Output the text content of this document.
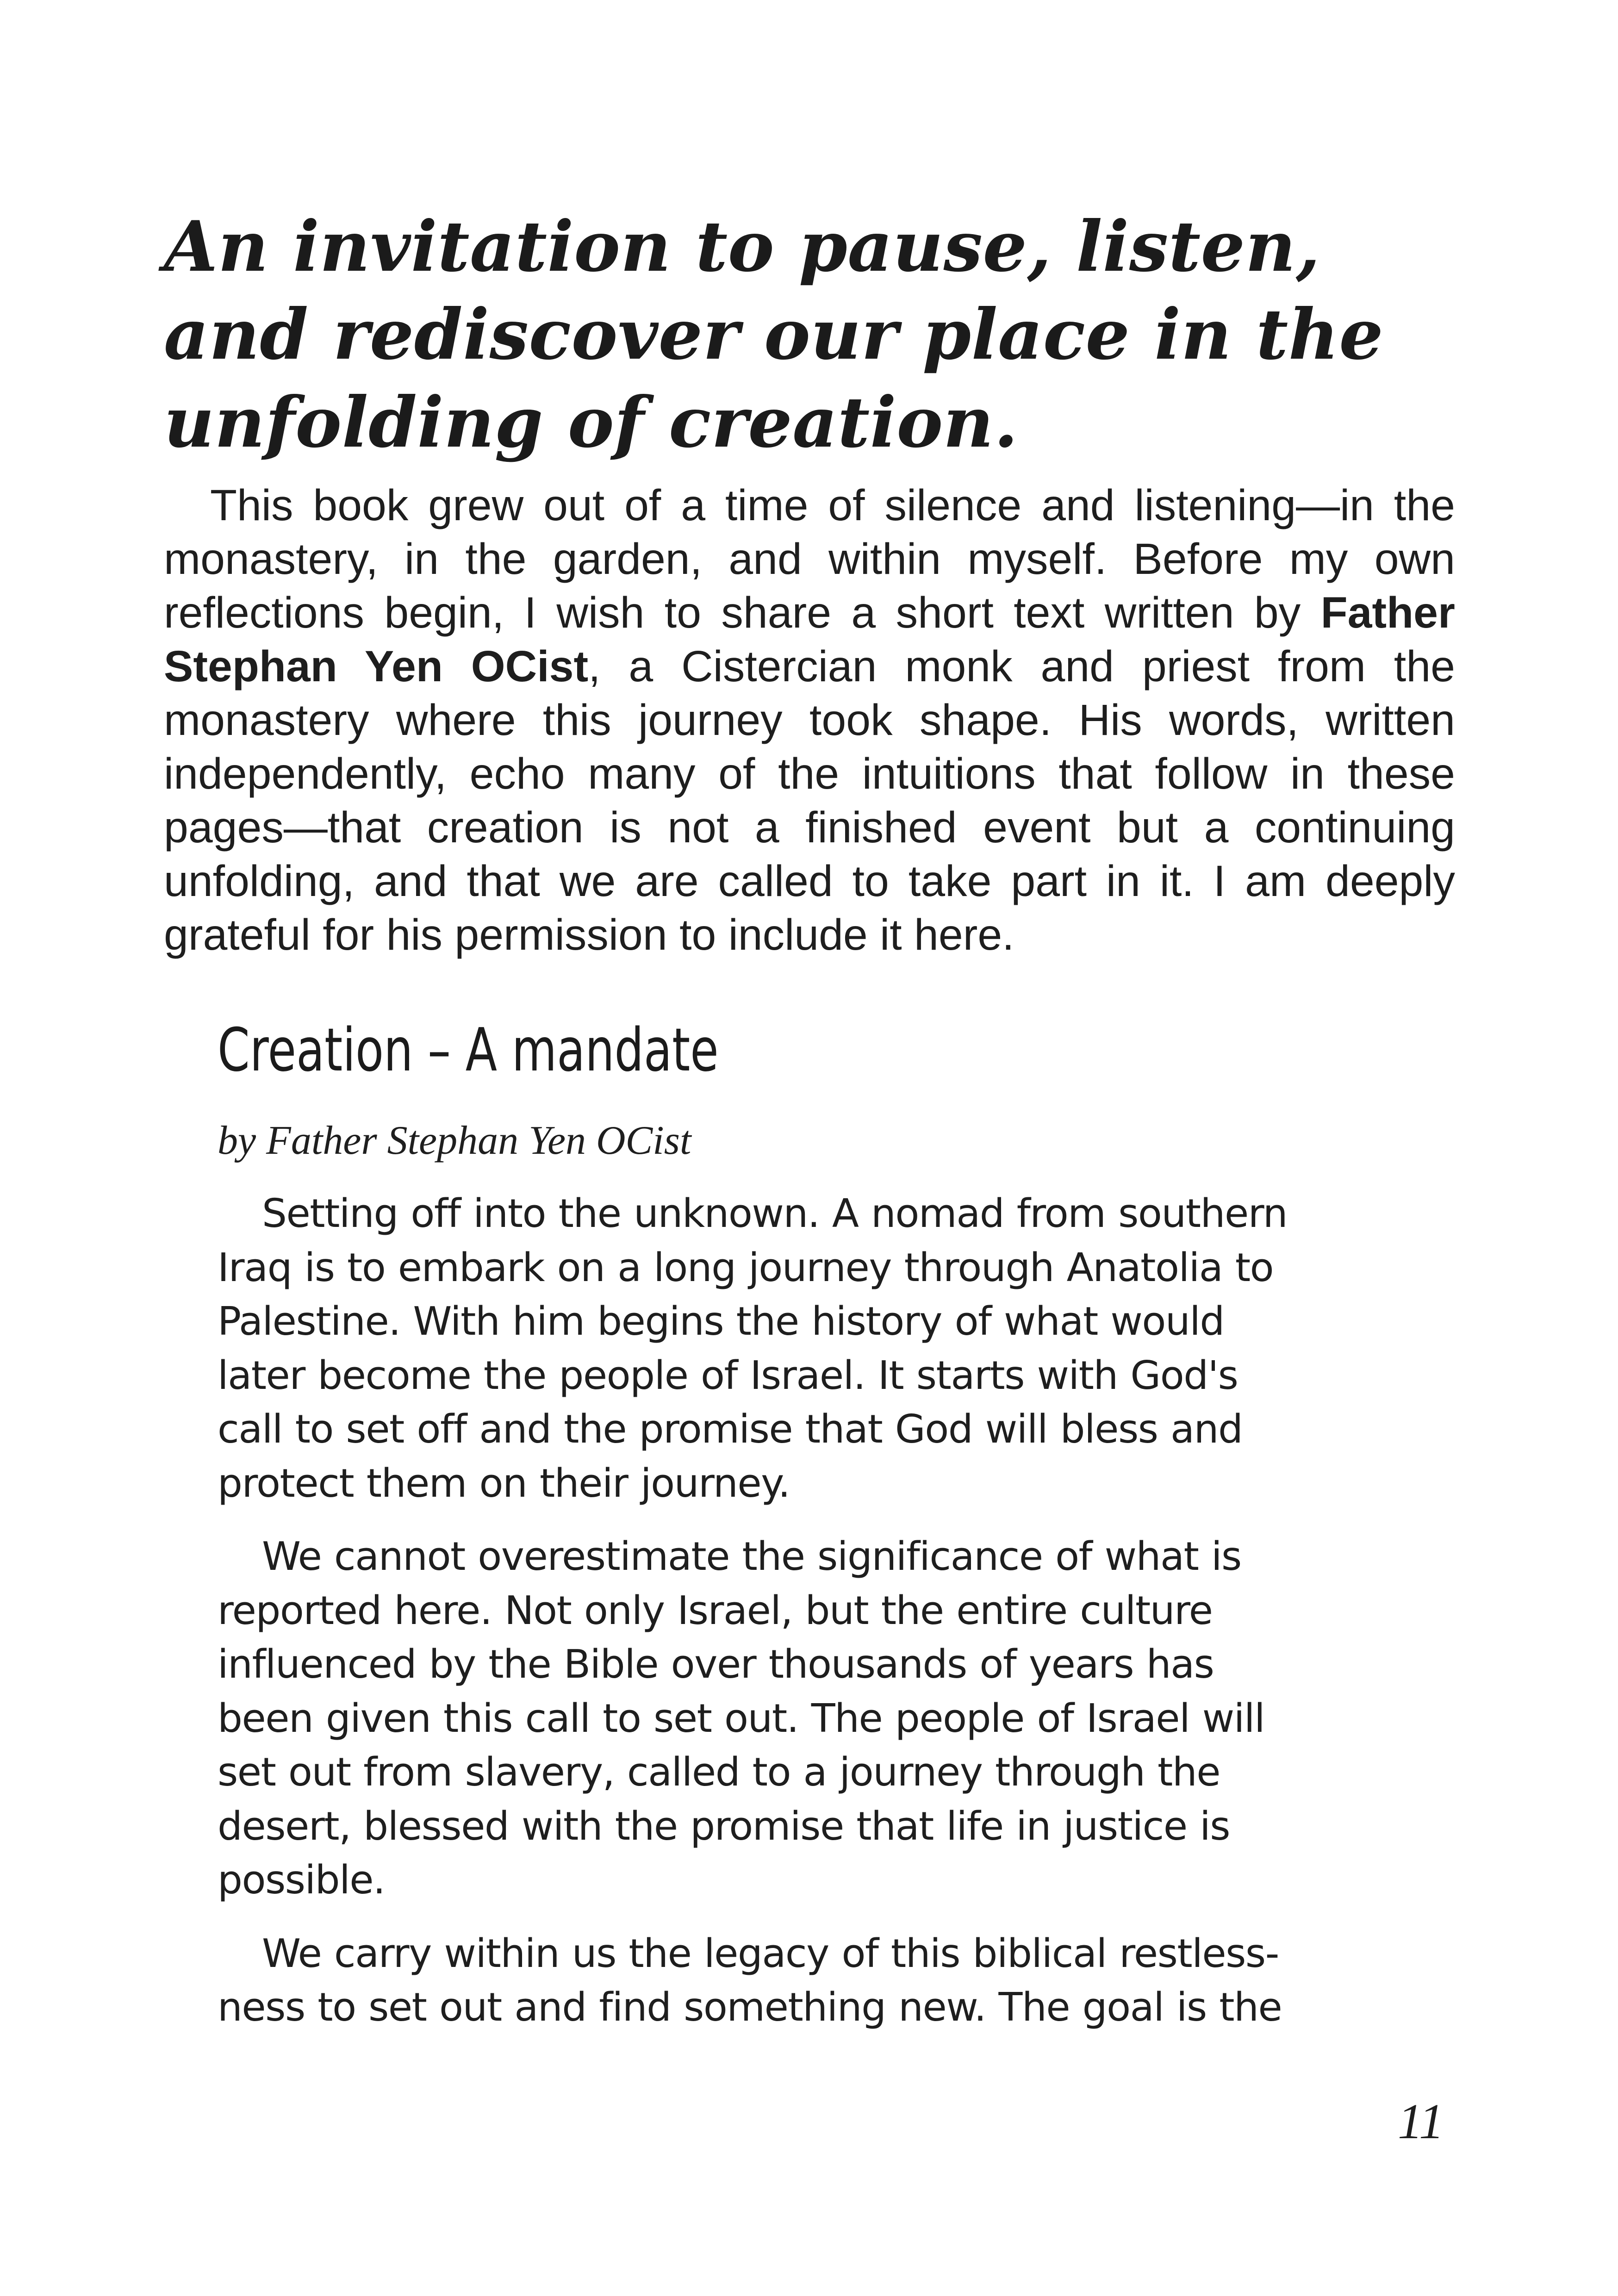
An invitation to pause, listen, and rediscover our place in the unfolding of creation.

This book grew out of a time of silence and listening—in the monastery, in the garden, and within myself. Before my own reflections begin, I wish to share a short text written by Father Stephan Yen OCist, a Cistercian monk and priest from the monastery where this journey took shape. His words, written independently, echo many of the intuitions that follow in these pages—that creation is not a finished event but a continuing unfolding, and that we are called to take part in it. I am deeply grateful for his permission to include it here.

Creation – A mandate

by Father Stephan Yen OCist

Setting off into the unknown. A nomad from southern
Iraq is to embark on a long journey through Anatolia to
Palestine. With him begins the history of what would
later become the people of Israel. It starts with God's
call to set off and the promise that God will bless and
protect them on their journey.

We cannot overestimate the significance of what is
reported here. Not only Israel, but the entire culture
influenced by the Bible over thousands of years has
been given this call to set out. The people of Israel will
set out from slavery, called to a journey through the
desert, blessed with the promise that life in justice is
possible.

We carry within us the legacy of this biblical restless-
ness to set out and find something new. The goal is the

11
